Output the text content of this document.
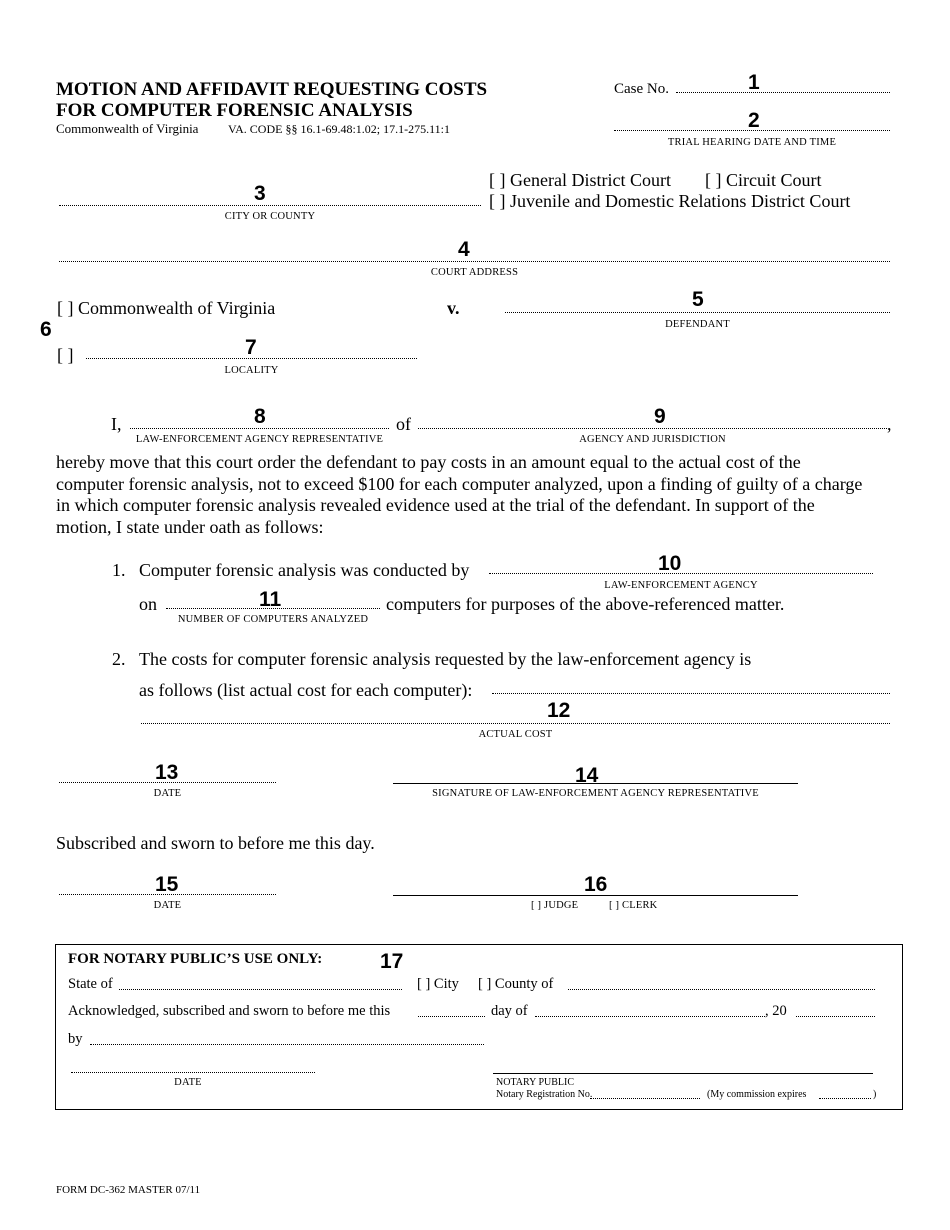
MOTION AND AFFIDAVIT REQUESTING COSTS
FOR COMPUTER FORENSIC ANALYSIS
Commonwealth of Virginia VA. CODE §§ 16.1-69.48:1.02; 17.1-275.11:1
Case No.	1
2
TRIAL HEARING DATE AND TIME
[ ] General District Court [ ] Circuit Court
[ ] Juvenile and Domestic Relations District Court
3
CITY OR COUNTY
4
COURT ADDRESS
[ ] Commonwealth of Virginia	v.	5
DEFENDANT
6
[ ]	7
LOCALITY
I,	8
LAW-ENFORCEMENT AGENCY REPRESENTATIVE
of	,
9
AGENCY AND JURISDICTION
hereby move that this court order the defendant to pay costs in an amount equal to the actual cost of the
computer forensic analysis, not to exceed $100 for each computer analyzed, upon a finding of guilty of a charge
in which computer forensic analysis revealed evidence used at the trial of the defendant. In support of the
motion, I state under oath as follows:
1. Computer forensic analysis was conducted by	10
LAW-ENFORCEMENT AGENCY
on	11	computers for purposes of the above-referenced matter.
NUMBER OF COMPUTERS ANALYZED
2. The costs for computer forensic analysis requested by the law-enforcement agency is
as follows (list actual cost for each computer):
12
ACTUAL COST
13
DATE
14
SIGNATURE OF LAW-ENFORCEMENT AGENCY REPRESENTATIVE
Subscribed and sworn to before me this day.
15
DATE
16
[ ] JUDGE	[ ] CLERK
FOR NOTARY PUBLIC’S USE ONLY:	17
State of	[ ] City [ ] County of
Acknowledged, subscribed and sworn to before me this	day of	, 20
by
DATE	NOTARY PUBLIC
Notary Registration No.	(My commission expires	)
FORM DC-362 MASTER 07/11
